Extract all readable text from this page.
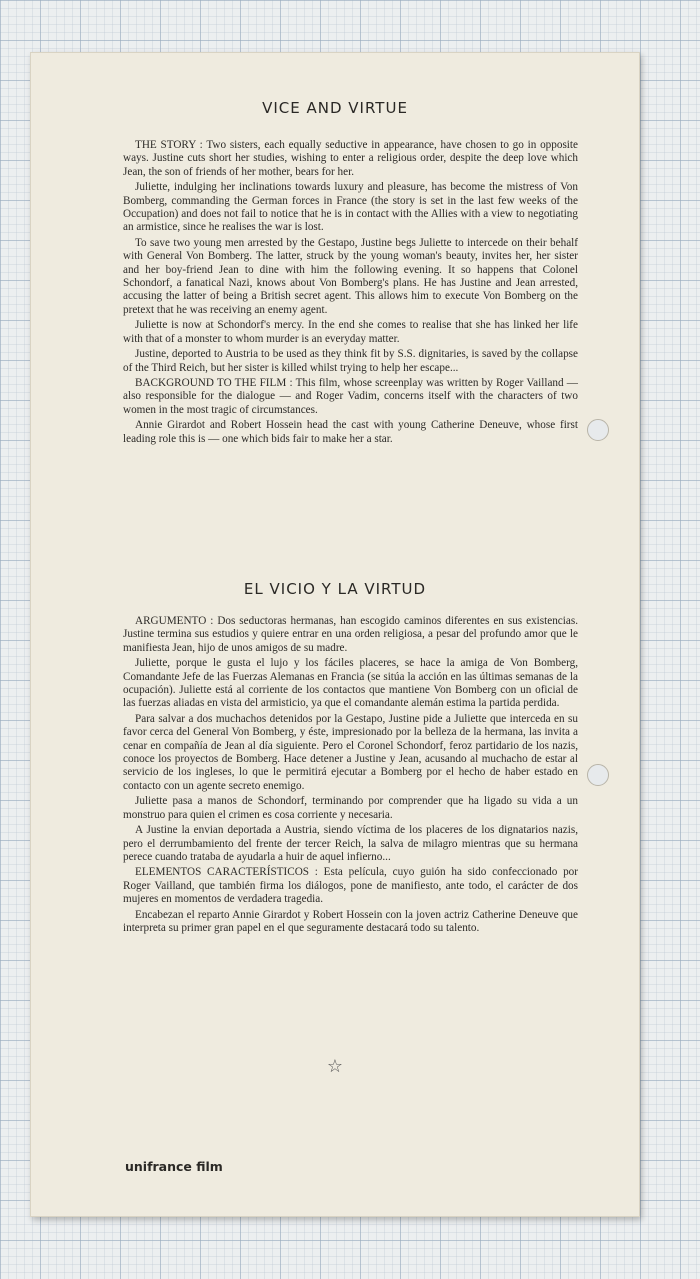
VICE AND VIRTUE

THE STORY : Two sisters, each equally seductive in appearance, have chosen to go in opposite ways. Justine cuts short her studies, wishing to enter a religious order, despite the deep love which Jean, the son of friends of her mother, bears for her.

Juliette, indulging her inclinations towards luxury and pleasure, has become the mistress of Von Bomberg, commanding the German forces in France (the story is set in the last few weeks of the Occupation) and does not fail to notice that he is in contact with the Allies with a view to negotiating an armistice, since he realises the war is lost.

To save two young men arrested by the Gestapo, Justine begs Juliette to intercede on their behalf with General Von Bomberg. The latter, struck by the young woman's beauty, invites her, her sister and her boy-friend Jean to dine with him the following evening. It so happens that Colonel Schondorf, a fanatical Nazi, knows about Von Bomberg's plans. He has Justine and Jean arrested, accusing the latter of being a British secret agent. This allows him to execute Von Bomberg on the pretext that he was receiving an enemy agent.

Juliette is now at Schondorf's mercy. In the end she comes to realise that she has linked her life with that of a monster to whom murder is an everyday matter.

Justine, deported to Austria to be used as they think fit by S.S. dignitaries, is saved by the collapse of the Third Reich, but her sister is killed whilst trying to help her escape...

BACKGROUND TO THE FILM : This film, whose screenplay was written by Roger Vailland — also responsible for the dialogue — and Roger Vadim, concerns itself with the characters of two women in the most tragic of circumstances.

Annie Girardot and Robert Hossein head the cast with young Catherine Deneuve, whose first leading role this is — one which bids fair to make her a star.

EL VICIO Y LA VIRTUD

ARGUMENTO : Dos seductoras hermanas, han escogido caminos diferentes en sus existencias. Justine termina sus estudios y quiere entrar en una orden religiosa, a pesar del profundo amor que le manifiesta Jean, hijo de unos amigos de su madre.

Juliette, porque le gusta el lujo y los fáciles placeres, se hace la amiga de Von Bomberg, Comandante Jefe de las Fuerzas Alemanas en Francia (se sitúa la acción en las últimas semanas de la ocupación). Juliette está al corriente de los contactos que mantiene Von Bomberg con un oficial de las fuerzas aliadas en vista del armisticio, ya que el comandante alemán estima la partida perdida.

Para salvar a dos muchachos detenidos por la Gestapo, Justine pide a Juliette que interceda en su favor cerca del General Von Bomberg, y éste, impresionado por la belleza de la hermana, las invita a cenar en compañía de Jean al día siguiente. Pero el Coronel Schondorf, feroz partidario de los nazis, conoce los proyectos de Bomberg. Hace detener a Justine y Jean, acusando al muchacho de estar al servicio de los ingleses, lo que le permitirá ejecutar a Bomberg por el hecho de haber estado en contacto con un agente secreto enemigo.

Juliette pasa a manos de Schondorf, terminando por comprender que ha ligado su vida a un monstruo para quien el crimen es cosa corriente y necesaria.

A Justine la envian deportada a Austria, siendo víctima de los placeres de los dignatarios nazis, pero el derrumbamiento del frente der tercer Reich, la salva de milagro mientras que su hermana perece cuando trataba de ayudarla a huir de aquel infierno...

ELEMENTOS CARACTERÍSTICOS : Esta película, cuyo guión ha sido confeccionado por Roger Vailland, que también firma los diálogos, pone de manifiesto, ante todo, el carácter de dos mujeres en momentos de verdadera tragedia.

Encabezan el reparto Annie Girardot y Robert Hossein con la joven actriz Catherine Deneuve que interpreta su primer gran papel en el que seguramente destacará todo su talento.

☆
unifrance film
